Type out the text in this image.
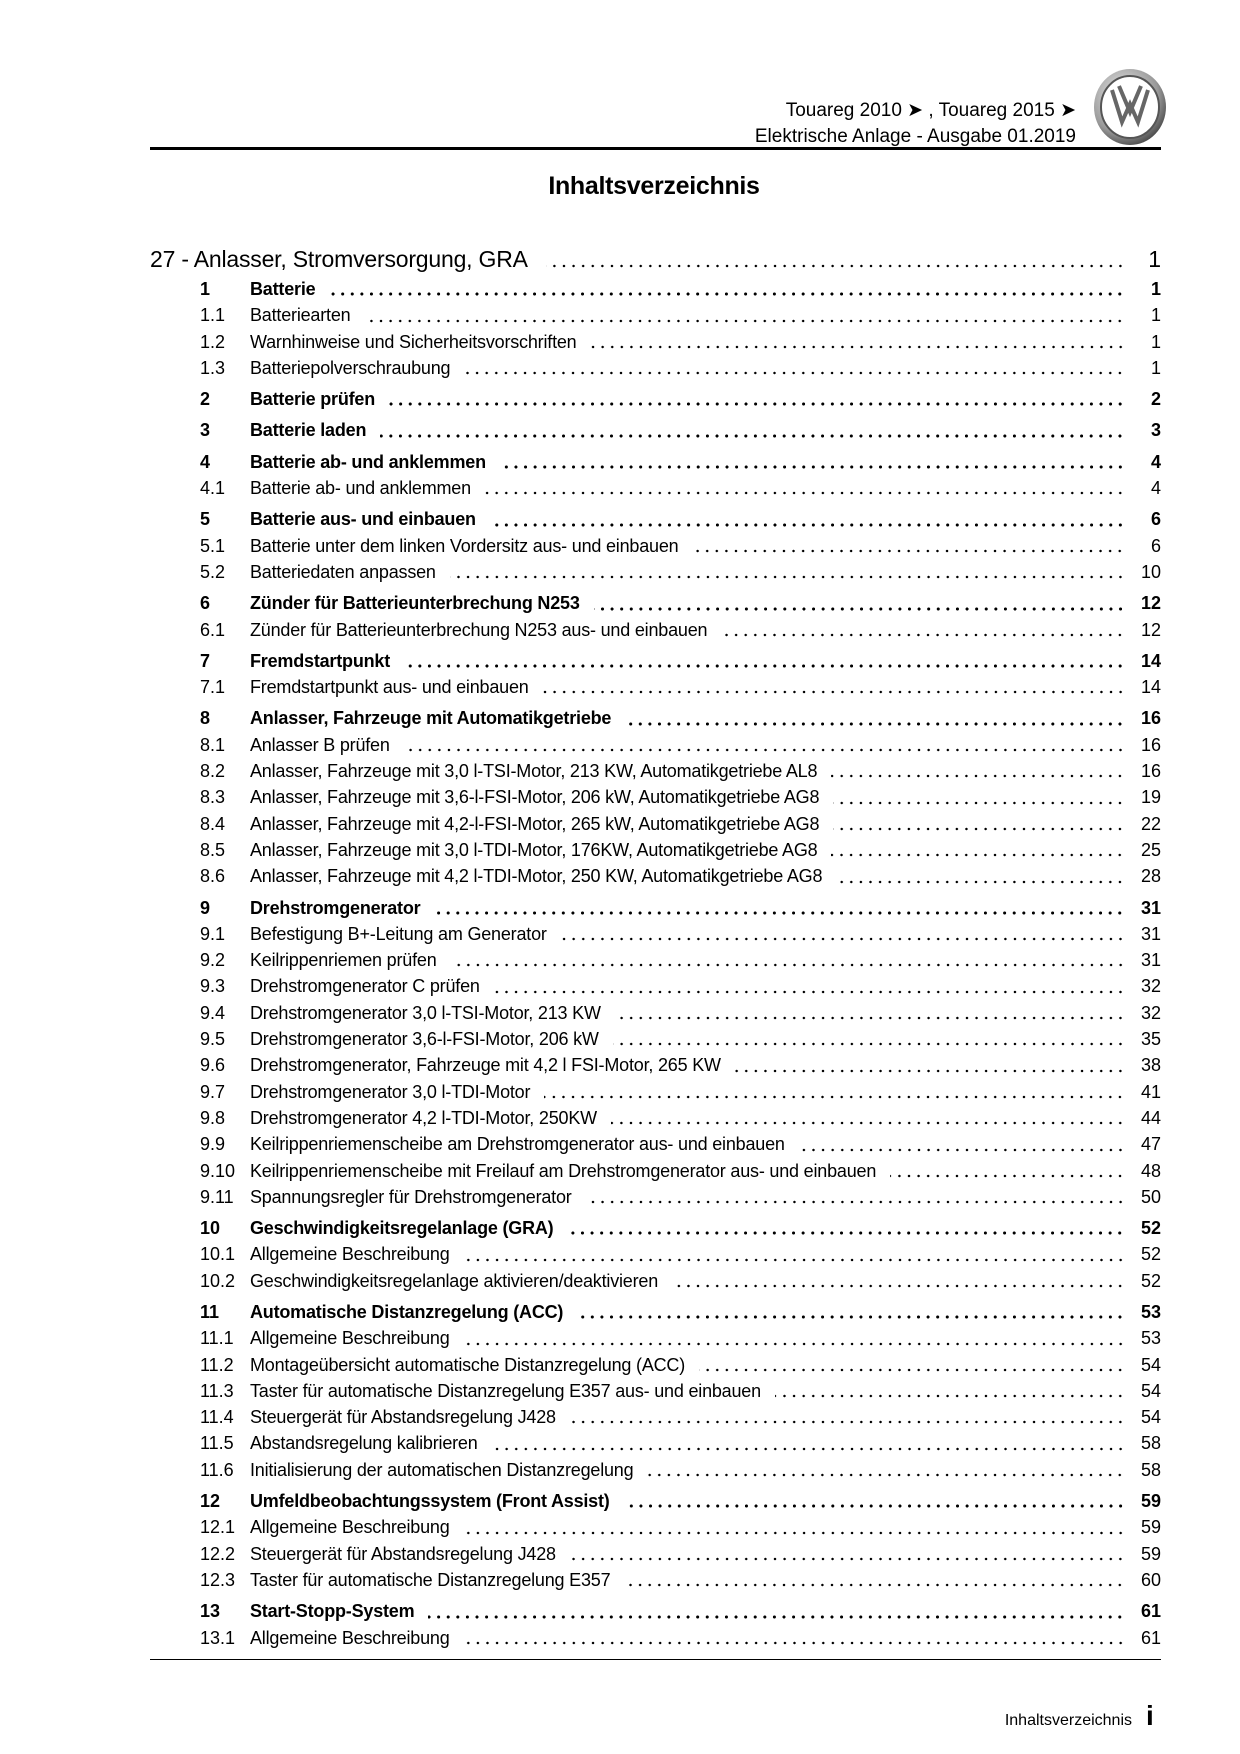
Touareg 2010 ➤ , Touareg 2015 ➤
Elektrische Anlage - Ausgabe 01.2019
Inhaltsverzeichnis
27 - Anlasser, Stromversorgung, GRA	1
1	Batterie	1
1.1	Batteriearten	1
1.2	Warnhinweise und Sicherheitsvorschriften	1
1.3	Batteriepolverschraubung	1
2	Batterie prüfen	2
3	Batterie laden	3
4	Batterie ab- und anklemmen	4
4.1	Batterie ab- und anklemmen	4
5	Batterie aus- und einbauen	6
5.1	Batterie unter dem linken Vordersitz aus- und einbauen	6
5.2	Batteriedaten anpassen	10
6	Zünder für Batterieunterbrechung N253	12
6.1	Zünder für Batterieunterbrechung N253 aus- und einbauen	12
7	Fremdstartpunkt	14
7.1	Fremdstartpunkt aus- und einbauen	14
8	Anlasser, Fahrzeuge mit Automatikgetriebe	16
8.1	Anlasser B prüfen	16
8.2	Anlasser, Fahrzeuge mit 3,0 l-TSI-Motor, 213 KW, Automatikgetriebe AL8	16
8.3	Anlasser, Fahrzeuge mit 3,6-l-FSI-Motor, 206 kW, Automatikgetriebe AG8	19
8.4	Anlasser, Fahrzeuge mit 4,2-l-FSI-Motor, 265 kW, Automatikgetriebe AG8	22
8.5	Anlasser, Fahrzeuge mit 3,0 l-TDI-Motor, 176KW, Automatikgetriebe AG8	25
8.6	Anlasser, Fahrzeuge mit 4,2 l-TDI-Motor, 250 KW, Automatikgetriebe AG8	28
9	Drehstromgenerator	31
9.1	Befestigung B+-Leitung am Generator	31
9.2	Keilrippenriemen prüfen	31
9.3	Drehstromgenerator C prüfen	32
9.4	Drehstromgenerator 3,0 l-TSI-Motor, 213 KW	32
9.5	Drehstromgenerator 3,6-l-FSI-Motor, 206 kW	35
9.6	Drehstromgenerator, Fahrzeuge mit 4,2 l FSI-Motor, 265 KW	38
9.7	Drehstromgenerator 3,0 l-TDI-Motor	41
9.8	Drehstromgenerator 4,2 l-TDI-Motor, 250KW	44
9.9	Keilrippenriemenscheibe am Drehstromgenerator aus- und einbauen	47
9.10 Keilrippenriemenscheibe mit Freilauf am Drehstromgenerator aus- und einbauen	48
9.11 Spannungsregler für Drehstromgenerator	50
10	Geschwindigkeitsregelanlage (GRA)	52
10.1 Allgemeine Beschreibung	52
10.2 Geschwindigkeitsregelanlage aktivieren/deaktivieren	52
11	Automatische Distanzregelung (ACC)	53
11.1 Allgemeine Beschreibung	53
11.2 Montageübersicht automatische Distanzregelung (ACC)	54
11.3 Taster für automatische Distanzregelung E357 aus- und einbauen	54
11.4 Steuergerät für Abstandsregelung J428	54
11.5 Abstandsregelung kalibrieren	58
11.6 Initialisierung der automatischen Distanzregelung	58
12	Umfeldbeobachtungssystem (Front Assist)	59
12.1 Allgemeine Beschreibung	59
12.2 Steuergerät für Abstandsregelung J428	59
12.3 Taster für automatische Distanzregelung E357	60
13	Start-Stopp-System	61
13.1 Allgemeine Beschreibung	61
Inhaltsverzeichnis i
